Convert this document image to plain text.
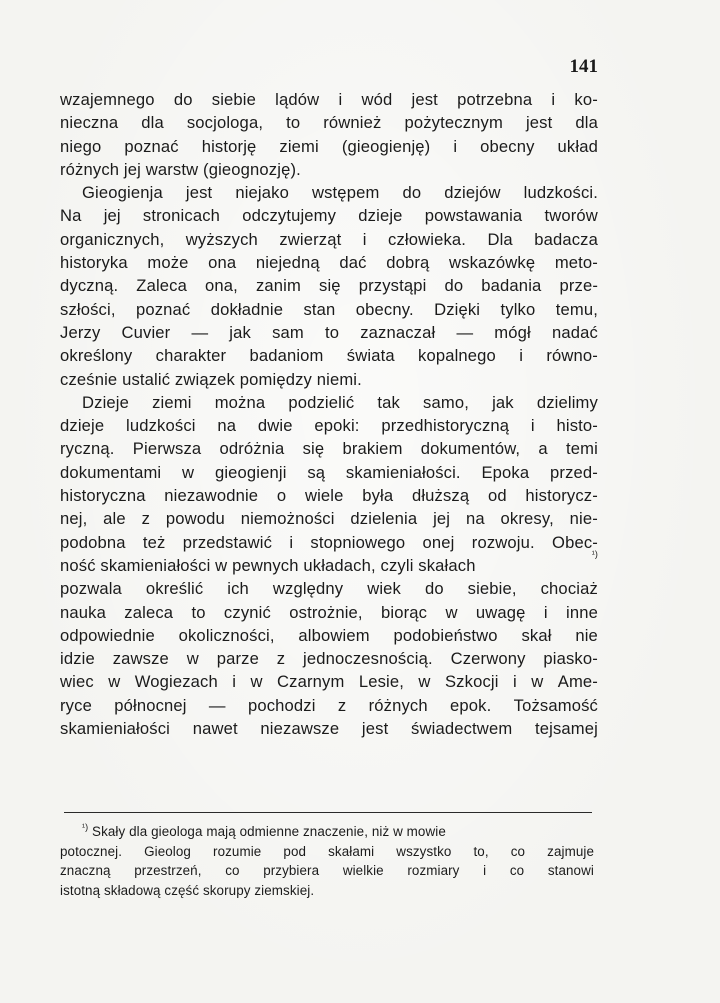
141
wzajemnego do siebie lądów i wód jest potrzebna i ko-
nieczna dla socjologa, to również pożytecznym jest dla
niego poznać historję ziemi (gieogienję) i obecny układ
różnych jej warstw (gieognozję).
Gieogienja jest niejako wstępem do dziejów ludzkości.
Na jej stronicach odczytujemy dzieje powstawania tworów
organicznych, wyższych zwierząt i człowieka. Dla badacza
historyka może ona niejedną dać dobrą wskazówkę meto-
dyczną. Zaleca ona, zanim się przystąpi do badania prze-
szłości, poznać dokładnie stan obecny. Dzięki tylko temu,
Jerzy Cuvier — jak sam to zaznaczał — mógł nadać
określony charakter badaniom świata kopalnego i równo-
cześnie ustalić związek pomiędzy niemi.
Dzieje ziemi można podzielić tak samo, jak dzielimy
dzieje ludzkości na dwie epoki: przedhistoryczną i histo-
ryczną. Pierwsza odróżnia się brakiem dokumentów, a temi
dokumentami w gieogienji są skamieniałości. Epoka przed-
historyczna niezawodnie o wiele była dłuższą od historycz-
nej, ale z powodu niemożności dzielenia jej na okresy, nie-
podobna też przedstawić i stopniowego onej rozwoju. Obec-
ność skamieniałości w pewnych układach, czyli skałach
¹)
pozwala określić ich względny wiek do siebie, chociaż
nauka zaleca to czynić ostrożnie, biorąc w uwagę i inne
odpowiednie okoliczności, albowiem podobieństwo skał nie
idzie zawsze w parze z jednoczesnością. Czerwony piasko-
wiec w Wogiezach i w Czarnym Lesie, w Szkocji i w Ame-
ryce północnej — pochodzi z różnych epok. Tożsamość
skamieniałości nawet niezawsze jest świadectwem tejsamej
$^{^1)}$ Skały dla gieologa mają odmienne znaczenie, niż w mowie
potocznej. Gieolog rozumie pod skałami wszystko to, co zajmuje
znaczną przestrzeń, co przybiera wielkie rozmiary i co stanowi
istotną składową część skorupy ziemskiej.
